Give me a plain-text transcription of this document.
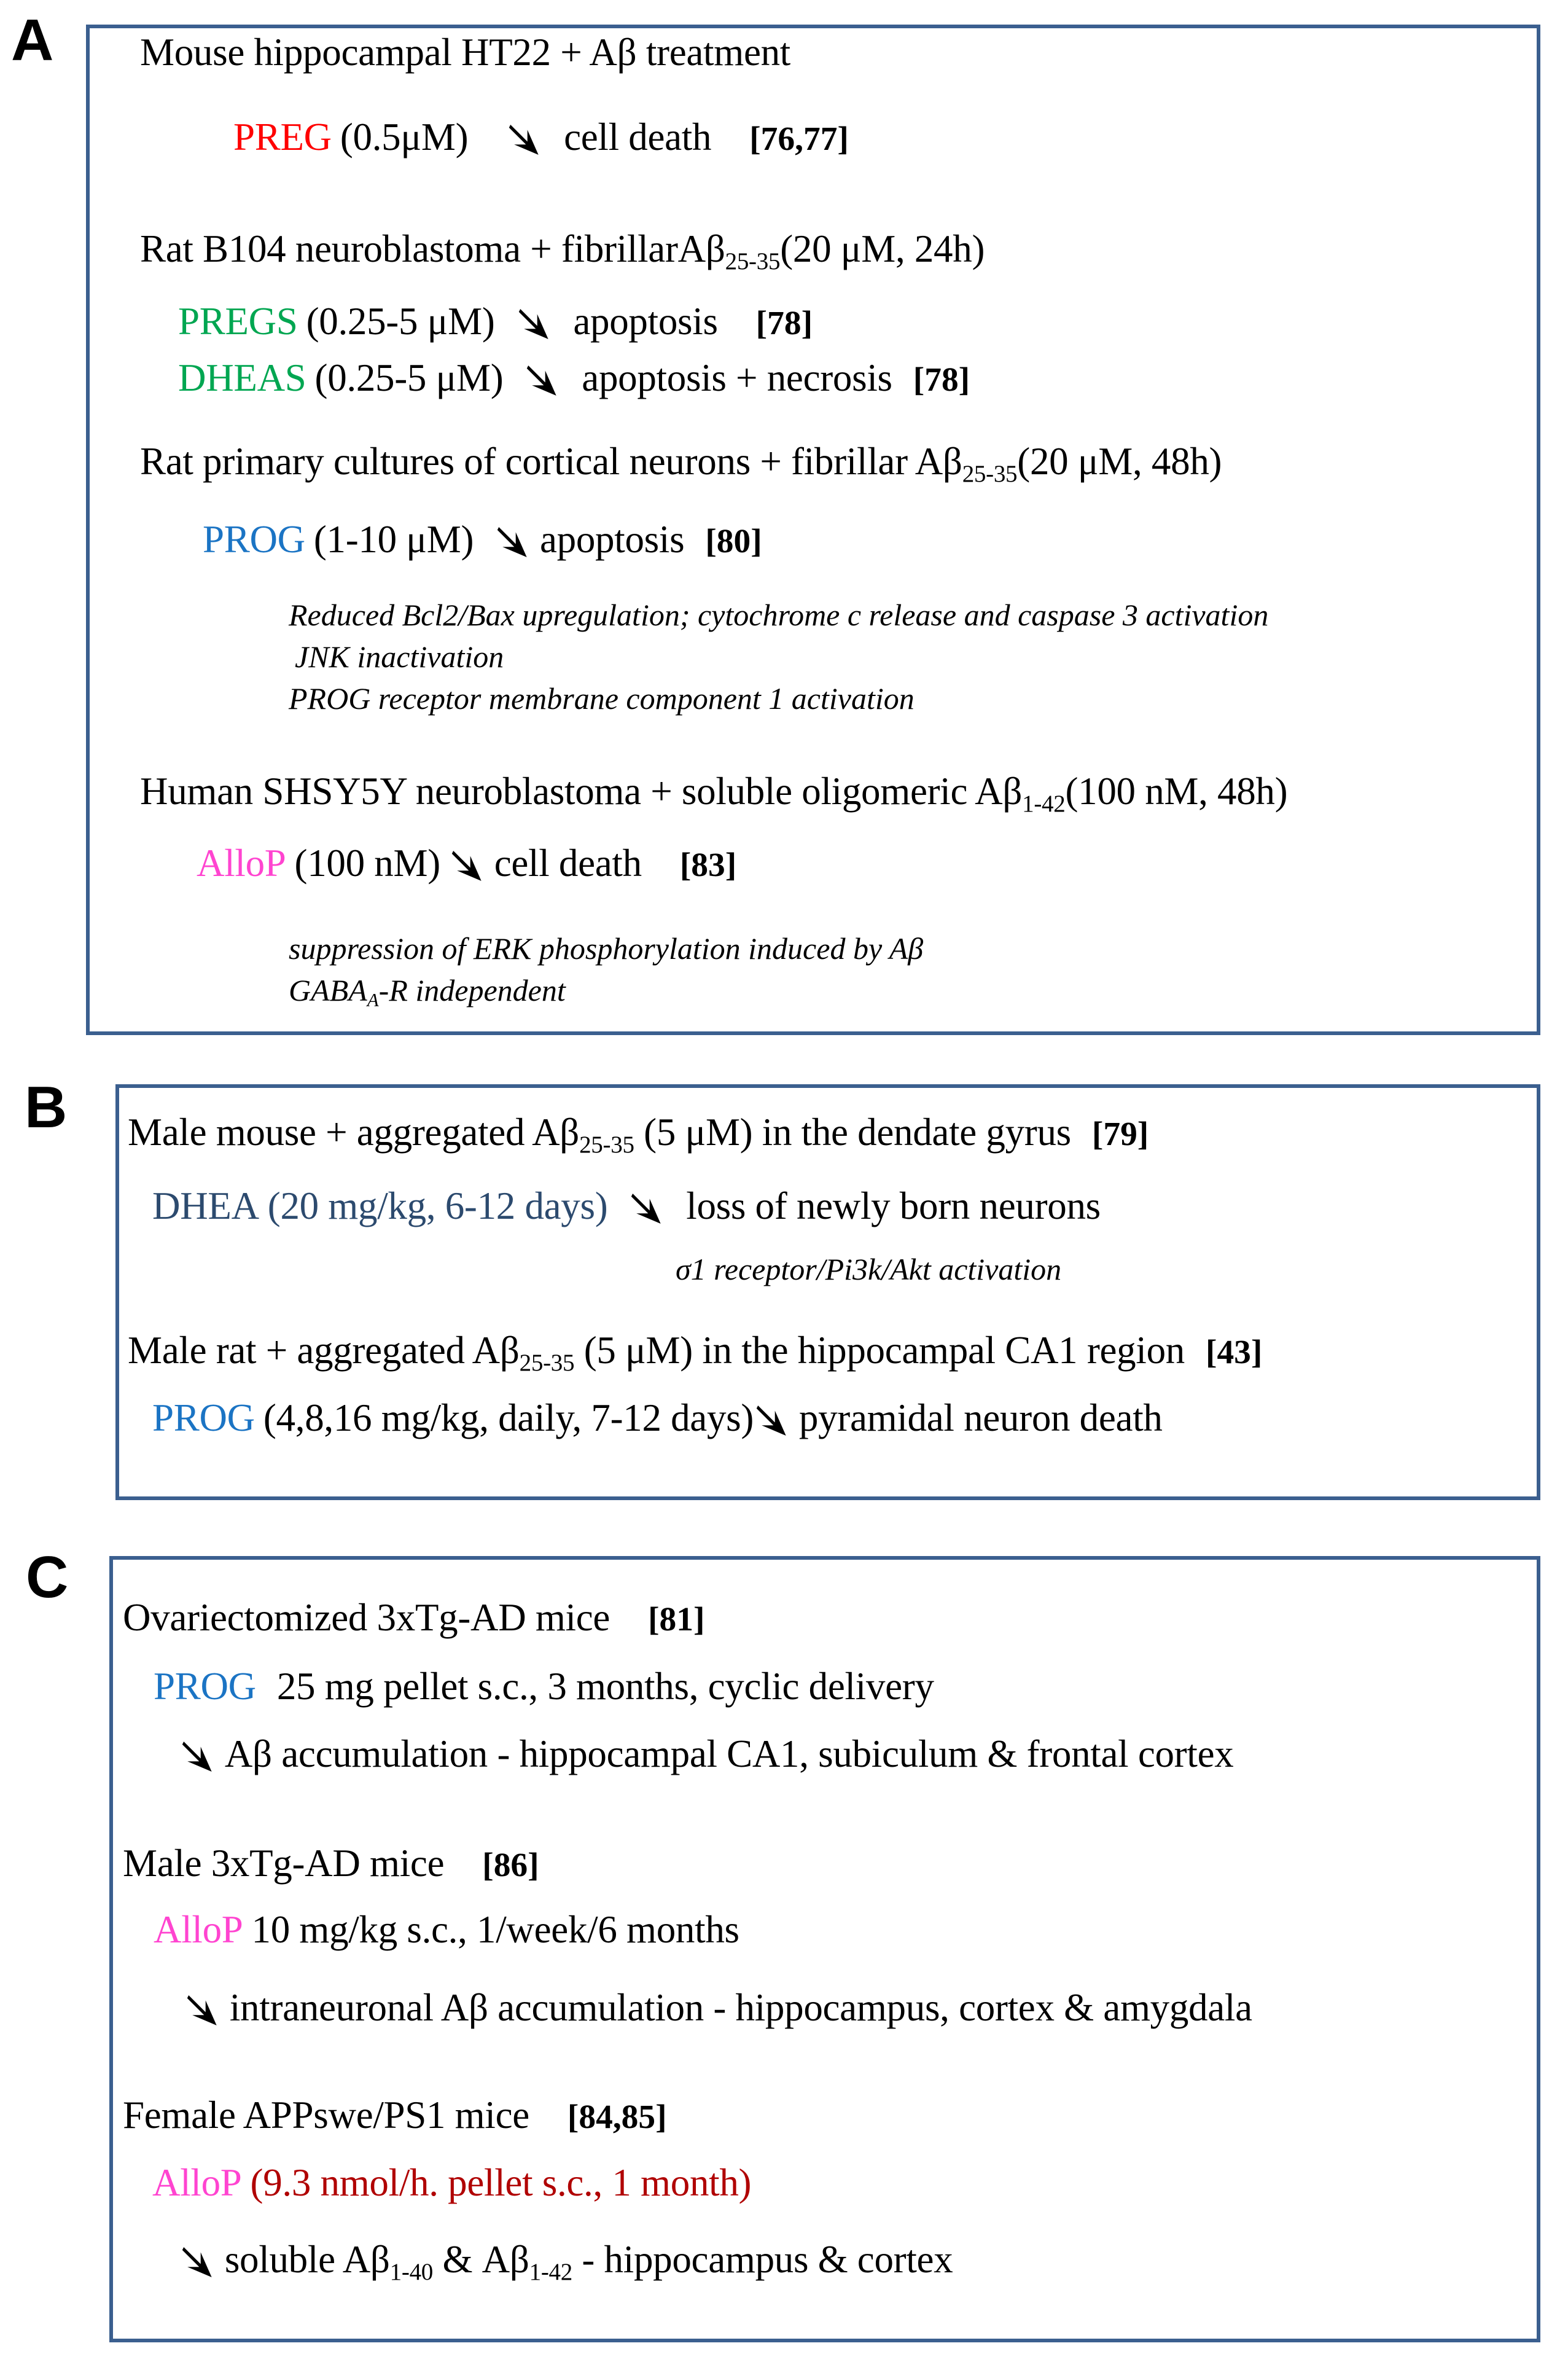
A Mouse hippocampal HT22 + Aβ treatment
PREG (0.5μM) cell death [76,77]
Rat B104 neuroblastoma + fibrillarAβ$_{25-35}$(20 μM, 24h)
PREGS (0.25-5 μM) apoptosis [78]
DHEAS (0.25-5 μM) apoptosis + necrosis [78]
Rat primary cultures of cortical neurons + fibrillar $A\beta_{25-35}(20$ μM, 48h)
PROG (1-10 μM) apoptosis [80]
Reduced Bcl2/Bax upregulation; cytochrome c release and caspase 3 activation
JNK inactivation
PROG receptor membrane component 1 activation
Human SHSY5Y neuroblastoma + soluble oligomeric $A\beta_{1-42}(100$ nM, 48h)
AlloP (100 nM) cell death [83]
suppression of ERK phosphorylation induced by Aβ
$GABA_A-R$ independent
B Male mouse + aggregated $A\beta_{25-35}$ (5 μM) in the dendate gyrus [79]
DHEA (20 mg/kg, 6-12 days) loss of newly born neurons
σ1 receptor/Pi3k/Akt activation
Male rat + aggregated $A\beta_{25-35}$ (5 μM) in the hippocampal CA1 region [43]
PROG (4,8,16 mg/kg, daily, 7-12 days) pyramidal neuron death
C
Ovariectomized 3xTg-AD mice [81]
PROG 25 mg pellet s.c., 3 months, cyclic delivery
Aβ accumulation - hippocampal CA1, subiculum & frontal cortex
Male 3xTg-AD mice [86]
AlloP 10 mg/kg s.c., 1/week/6 months
intraneuronal Aβ accumulation - hippocampus, cortex & amygdala
Female APPswe/PS1 mice [84,85]
AlloP (9.3 nmol/h. pellet s.c., 1 month)
soluble $A\beta_{1-40}$ & $A\beta_{1-42}$ - hippocampus & cortex
